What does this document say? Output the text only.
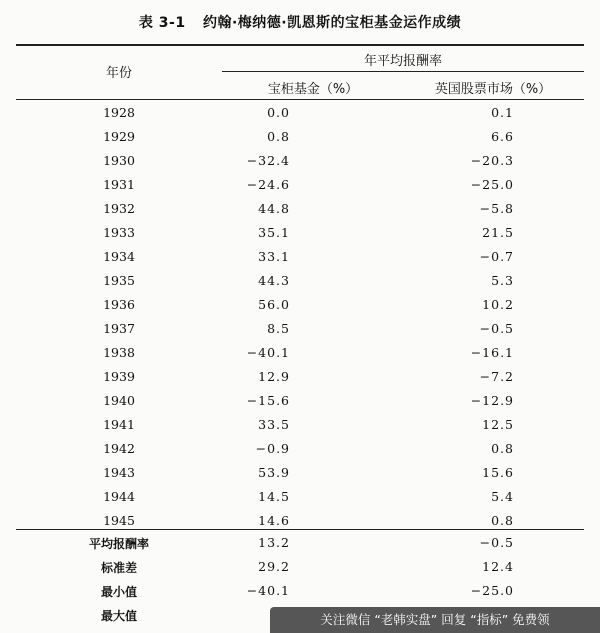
表 3-1 约翰·梅纳德·凯恩斯的宝柜基金运作成绩
年份
年平均报酬率
宝柜基金（%）	英国股票市场（%）
1928	0.0	0.1
1929	0.8	6.6
1930	−32.4	−20.3
1931	−24.6	−25.0
1932	44.8	−5.8
1933	35.1	21.5
1934	33.1	−0.7
1935	44.3	5.3
1936	56.0	10.2
1937	8.5	−0.5
1938	−40.1	−16.1
1939	12.9	−7.2
1940	−15.6	−12.9
1941	33.5	12.5
1942	−0.9	0.8
1943	53.9	15.6
1944	14.5	5.4
1945	14.6	0.8
平均报酬率	13.2	−0.5
标准差	29.2	12.4
最小值	−40.1	−25.0
最大值	关注微信 “老韩实盘” 回复 “指标” 免费领
